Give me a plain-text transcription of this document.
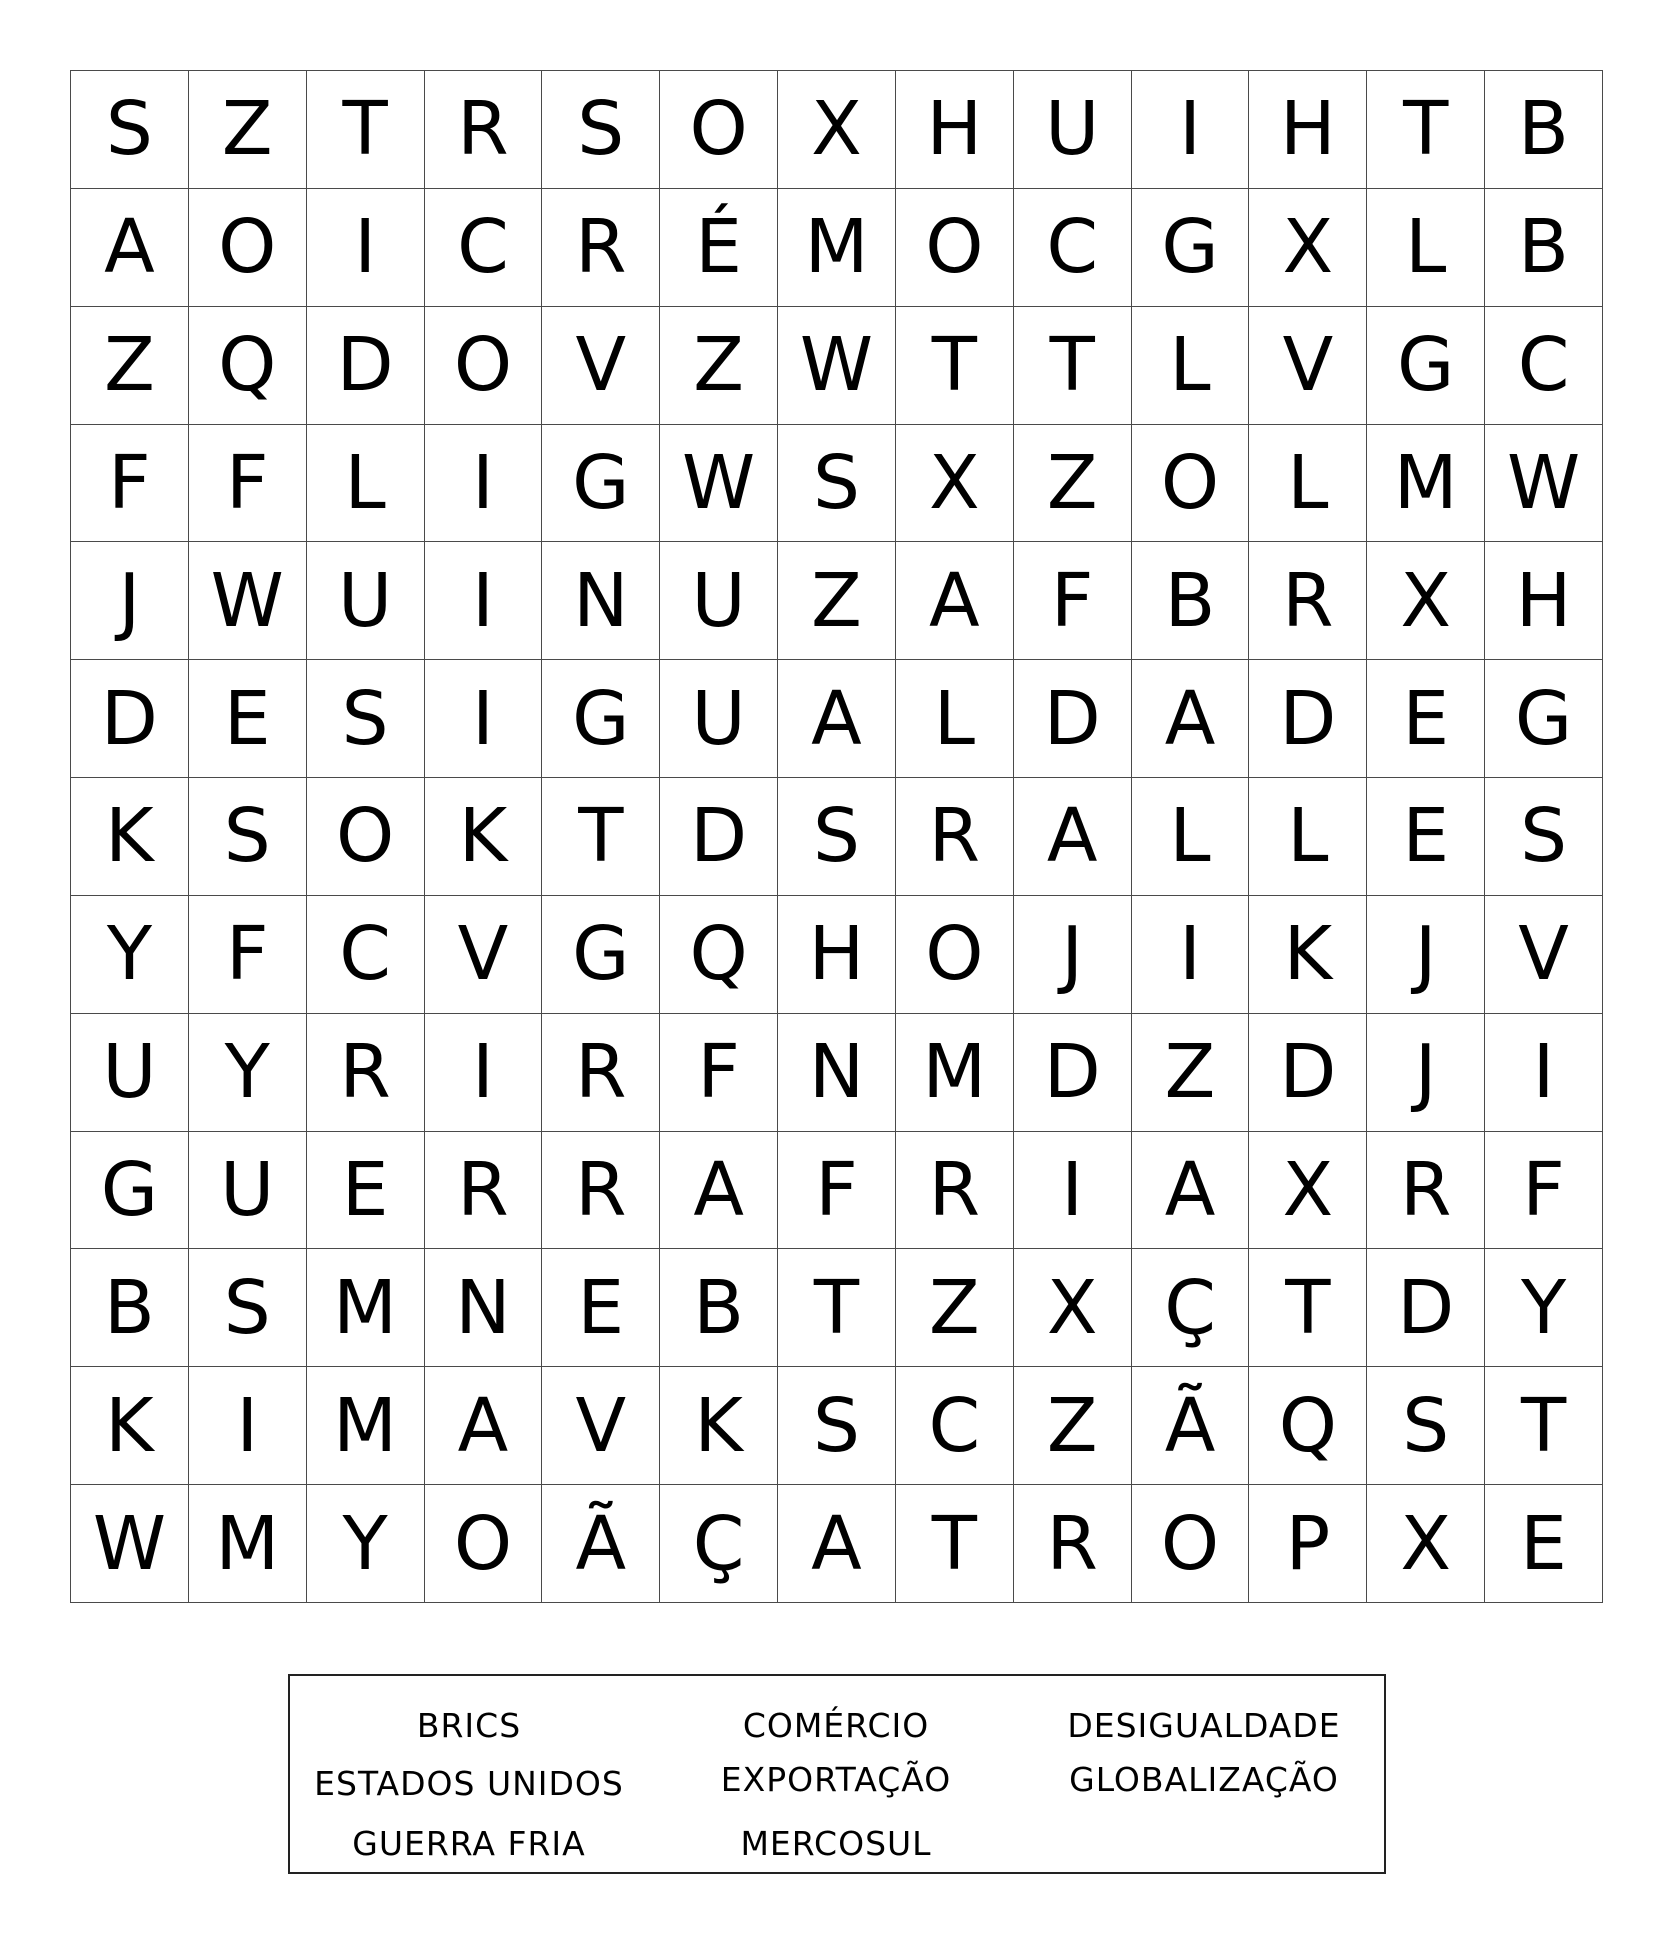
S Z T R S O X H U	I	H T B
A O	I	C R É M O C G X L B
Z Q D O V Z W T T	L V G C
F	F	L	I	G W S X Z O L M W
J W U	I	N U Z A F B R X H
D E S	I	G U A L D A D E G
K S O K T D S R A L	L E S
Y F C V G Q H O	J	I	K	J	V
U Y R	I	R F N M D Z D	J	I
G U E R R A F R	I	A X R F
B S M N E B T Z X Ç T D Y
K	I	M A V K S C Z Ã Q S T
W M Y O Ã Ç A T R O P X E
BRICS	COMÉRCIO	DESIGUALDADE
ESTADOS UNIDOS	EXPORTAÇÃO	GLOBALIZAÇÃO
GUERRA FRIA	MERCOSUL
